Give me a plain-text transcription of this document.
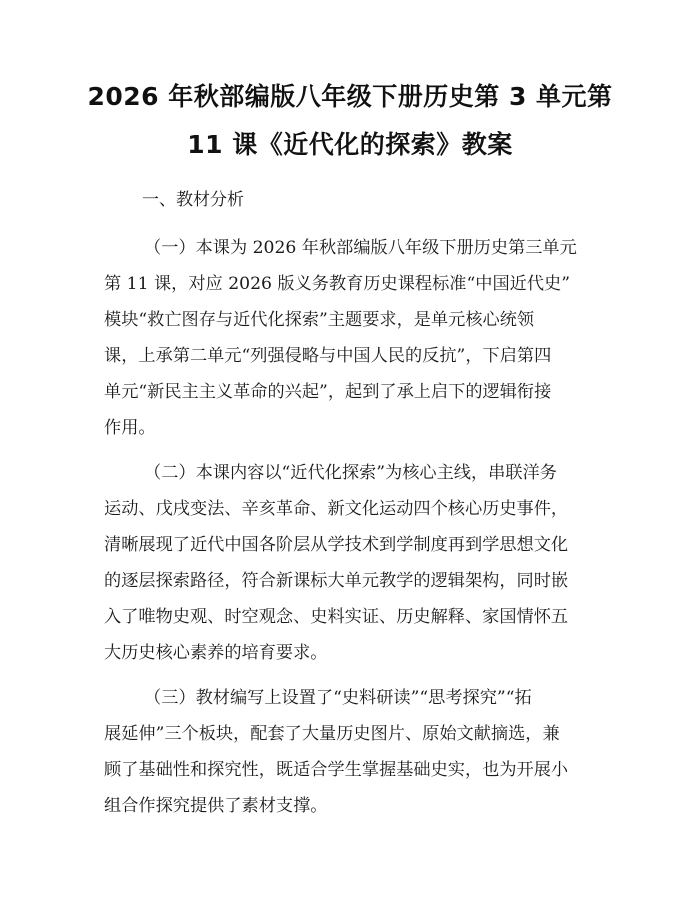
2026 年秋部编版八年级下册历史第 3 单元第
11 课《近代化的探索》教案
一、教材分析
（一）本课为 2026 年秋部编版八年级下册历史第三单元
第 11 课，对应 2026 版义务教育历史课程标准“中国近代史”
模块“救亡图存与近代化探索”主题要求，是单元核心统领
课，上承第二单元“列强侵略与中国人民的反抗”，下启第四
单元“新民主主义革命的兴起”，起到了承上启下的逻辑衔接
作用。
（二）本课内容以“近代化探索”为核心主线，串联洋务
运动、戊戌变法、辛亥革命、新文化运动四个核心历史事件，
清晰展现了近代中国各阶层从学技术到学制度再到学思想文化
的逐层探索路径，符合新课标大单元教学的逻辑架构，同时嵌
入了唯物史观、时空观念、史料实证、历史解释、家国情怀五
大历史核心素养的培育要求。
（三）教材编写上设置了“史料研读”“思考探究”“拓
展延伸”三个板块，配套了大量历史图片、原始文献摘选，兼
顾了基础性和探究性，既适合学生掌握基础史实，也为开展小
组合作探究提供了素材支撑。
